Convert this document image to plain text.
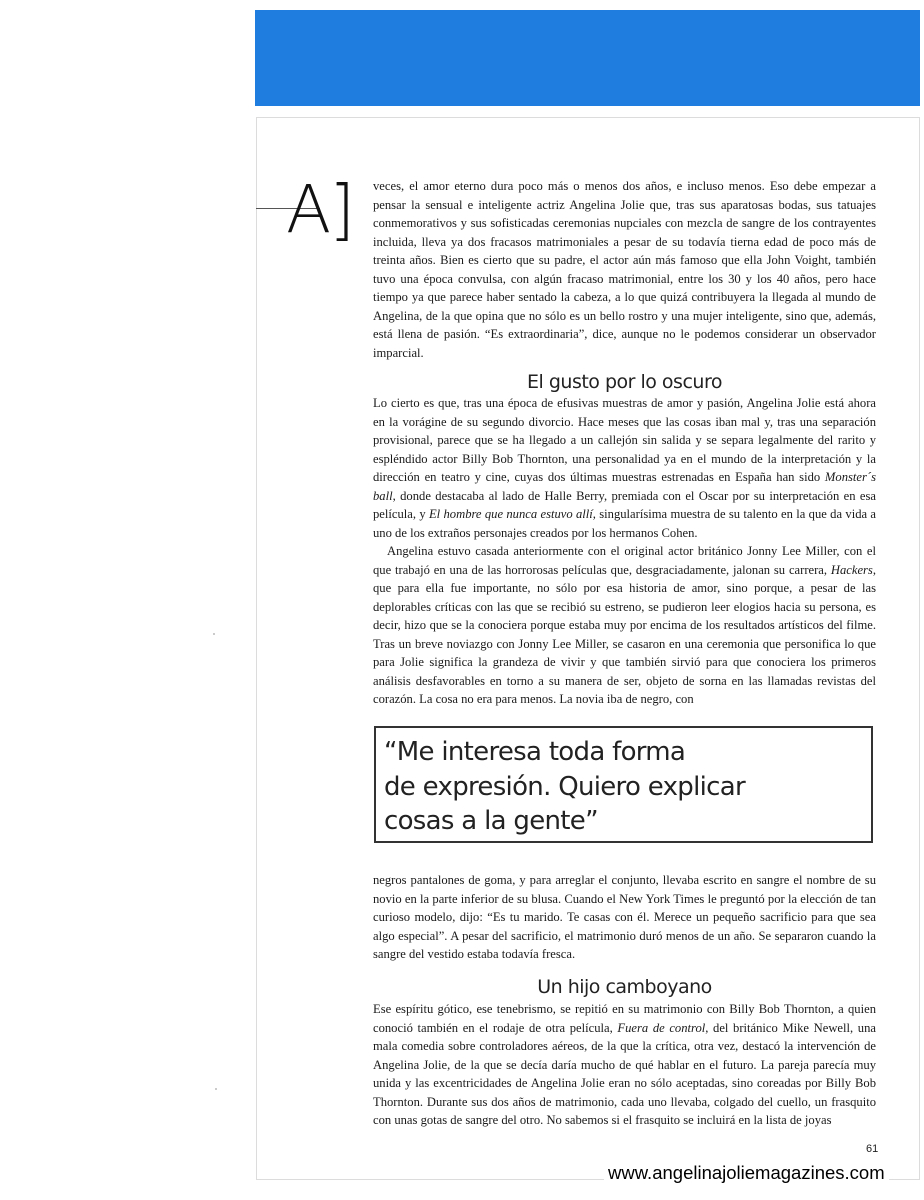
A] veces, el amor eterno dura poco más o menos dos años, e incluso menos. Eso debe empezar a pensar la sensual e inteligente actriz Angelina Jolie que, tras sus aparatosas bodas, sus tatuajes conmemorativos y sus sofisticadas ceremonias nupciales con mezcla de sangre de los contrayentes incluida, lleva ya dos fracasos matrimoniales a pesar de su todavía tierna edad de poco más de treinta años. Bien es cierto que su padre, el actor aún más famoso que ella John Voight, también tuvo una época convulsa, con algún fracaso matrimonial, entre los 30 y los 40 años, pero hace tiempo ya que parece haber sentado la cabeza, a lo que quizá contribuyera la llegada al mundo de Angelina, de la que opina que no sólo es un bello rostro y una mujer inteligente, sino que, además, está llena de pasión. “Es extraordinaria”, dice, aunque no le podemos considerar un observador imparcial.

El gusto por lo oscuro

Lo cierto es que, tras una época de efusivas muestras de amor y pasión, Angelina Jolie está ahora en la vorágine de su segundo divorcio. Hace meses que las cosas iban mal y, tras una separación provisional, parece que se ha llegado a un callejón sin salida y se separa legalmente del rarito y espléndido actor Billy Bob Thornton, una personalidad ya en el mundo de la interpretación y la dirección en teatro y cine, cuyas dos últimas muestras estrenadas en España han sido Monster´s ball, donde destacaba al lado de Halle Berry, premiada con el Oscar por su interpretación en esa película, y El hombre que nunca estuvo allí, singularísima muestra de su talento en la que da vida a uno de los extraños personajes creados por los hermanos Cohen.

Angelina estuvo casada anteriormente con el original actor británico Jonny Lee Miller, con el que trabajó en una de las horrorosas películas que, desgraciadamente, jalonan su carrera, Hackers, que para ella fue importante, no sólo por esa historia de amor, sino porque, a pesar de las deplorables críticas con las que se recibió su estreno, se pudieron leer elogios hacia su persona, es decir, hizo que se la conociera porque estaba muy por encima de los resultados artísticos del filme. Tras un breve noviazgo con Jonny Lee Miller, se casaron en una ceremonia que personifica lo que para Jolie significa la grandeza de vivir y que también sirvió para que conociera los primeros análisis desfavorables en torno a su manera de ser, objeto de sorna en las llamadas revistas del corazón. La cosa no era para menos. La novia iba de negro, con

“Me interesa toda forma
de expresión. Quiero explicar
cosas a la gente”

negros pantalones de goma, y para arreglar el conjunto, llevaba escrito en sangre el nombre de su novio en la parte inferior de su blusa. Cuando el New York Times le preguntó por la elección de tan curioso modelo, dijo: “Es tu marido. Te casas con él. Merece un pequeño sacrificio para que sea algo especial”. A pesar del sacrificio, el matrimonio duró menos de un año. Se separaron cuando la sangre del vestido estaba todavía fresca.

Un hijo camboyano

Ese espíritu gótico, ese tenebrismo, se repitió en su matrimonio con Billy Bob Thornton, a quien conoció también en el rodaje de otra película, Fuera de control, del británico Mike Newell, una mala comedia sobre controladores aéreos, de la que la crítica, otra vez, destacó la intervención de Angelina Jolie, de la que se decía daría mucho de qué hablar en el futuro. La pareja parecía muy unida y las excentricidades de Angelina Jolie eran no sólo aceptadas, sino coreadas por Billy Bob Thornton. Durante sus dos años de matrimonio, cada uno llevaba, colgado del cuello, un frasquito con unas gotas de sangre del otro. No sabemos si el frasquito se incluirá en la lista de joyas

61
www.angelinajoliemagazines.com
